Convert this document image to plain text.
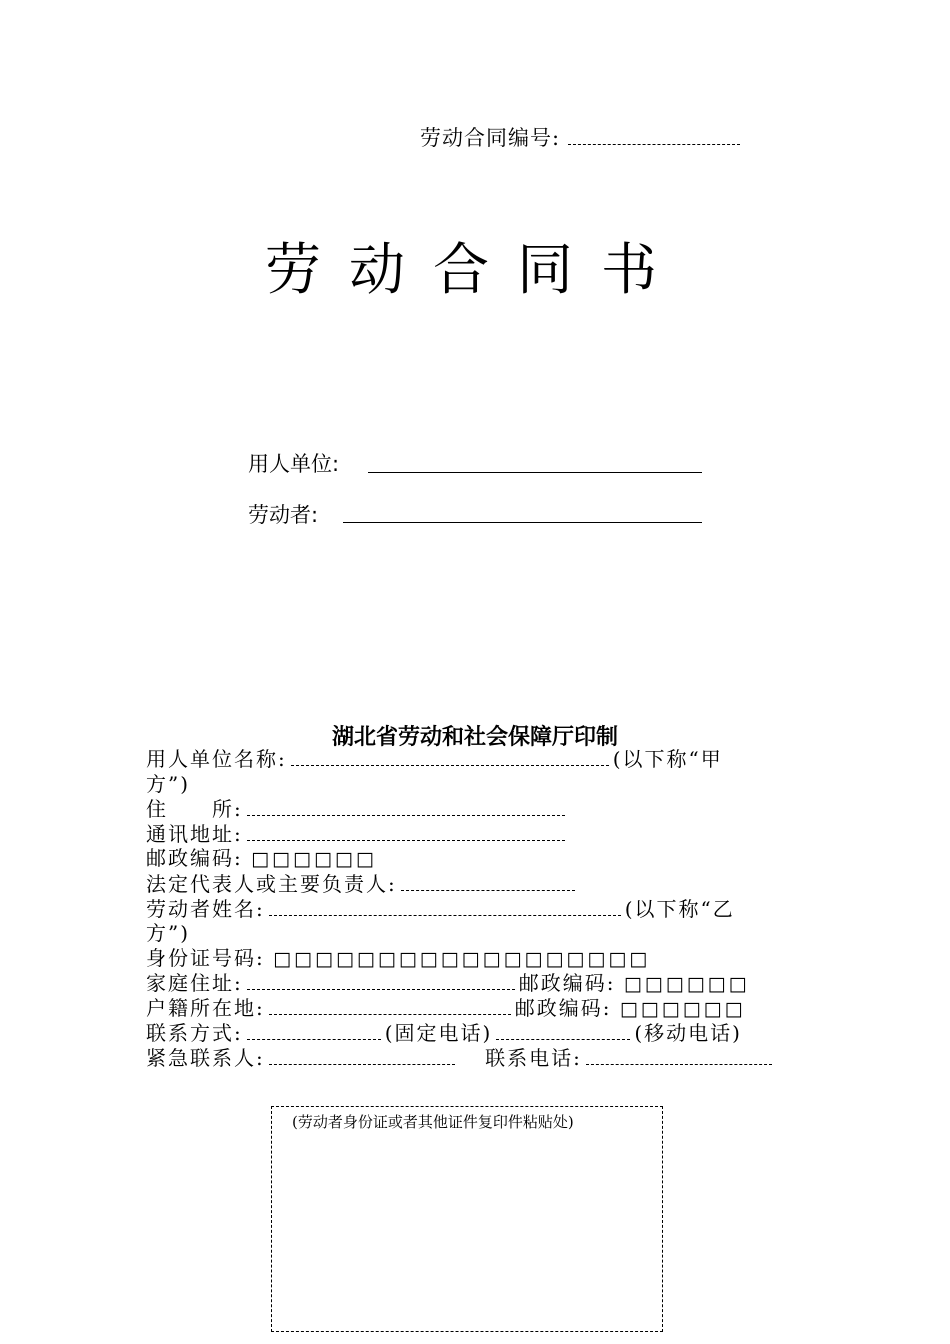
劳动合同编号:
劳动合同书
用人单位:
劳动者:
湖北省劳动和社会保障厅印制
用人单位名称:	(以下称“甲
方”)
住　　所:
通讯地址:
邮政编码: □□□□□□
法定代表人或主要负责人:
劳动者姓名:	(以下称“乙
方”)
身份证号码: □□□□□□□□□□□□□□□□□□
家庭住址:	邮政编码: □□□□□□
户籍所在地:	邮政编码: □□□□□□
联系方式:	(固定电话)	(移动电话)
紧急联系人:	联系电话:
(劳动者身份证或者其他证件复印件粘贴处)
